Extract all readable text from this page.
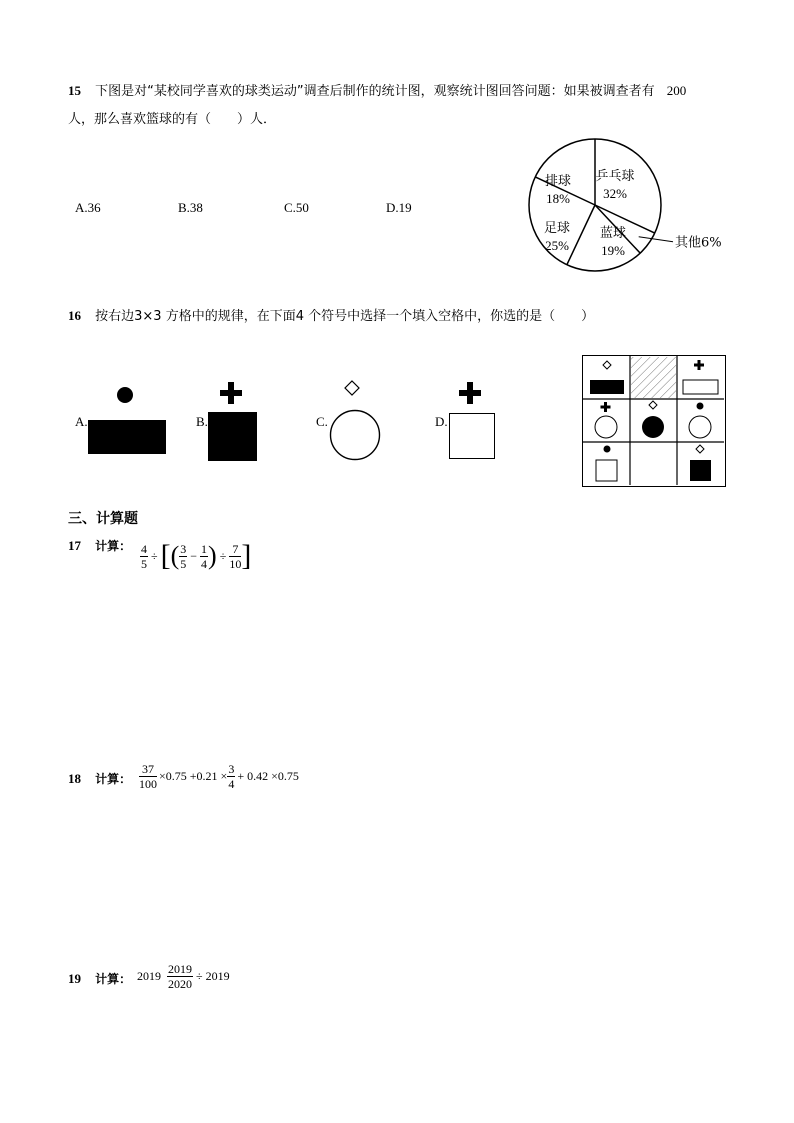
15 下图是对“某校同学喜欢的球类运动”调查后制作的统计图，观察统计图回答问题：如果被调查者有 200
人，那么喜欢篮球的有（　　）人．
A.36	B.38	C.50	D.19
乒乓球
32%
其他6%
蓝球
19%
足球
25%
排球
18%
16 按右边3×3 方格中的规律，在下面4 个符号中选择一个填入空格中，你选的是（　　）
A.	B.	C.	D.
三、计算题
17 计算： $\frac{4}{5}$ ÷ [ ( $\frac{3}{5} - \frac{1}{4}$ ) ÷ $\frac{7}{10}$ ]
18 计算： $\frac{37}{100} \times 0.75 +0.21 \times \frac{3}{4} + 0.42 \times 0.75$
19 计算： $2019 \frac{2019}{2020} \div 2019$
